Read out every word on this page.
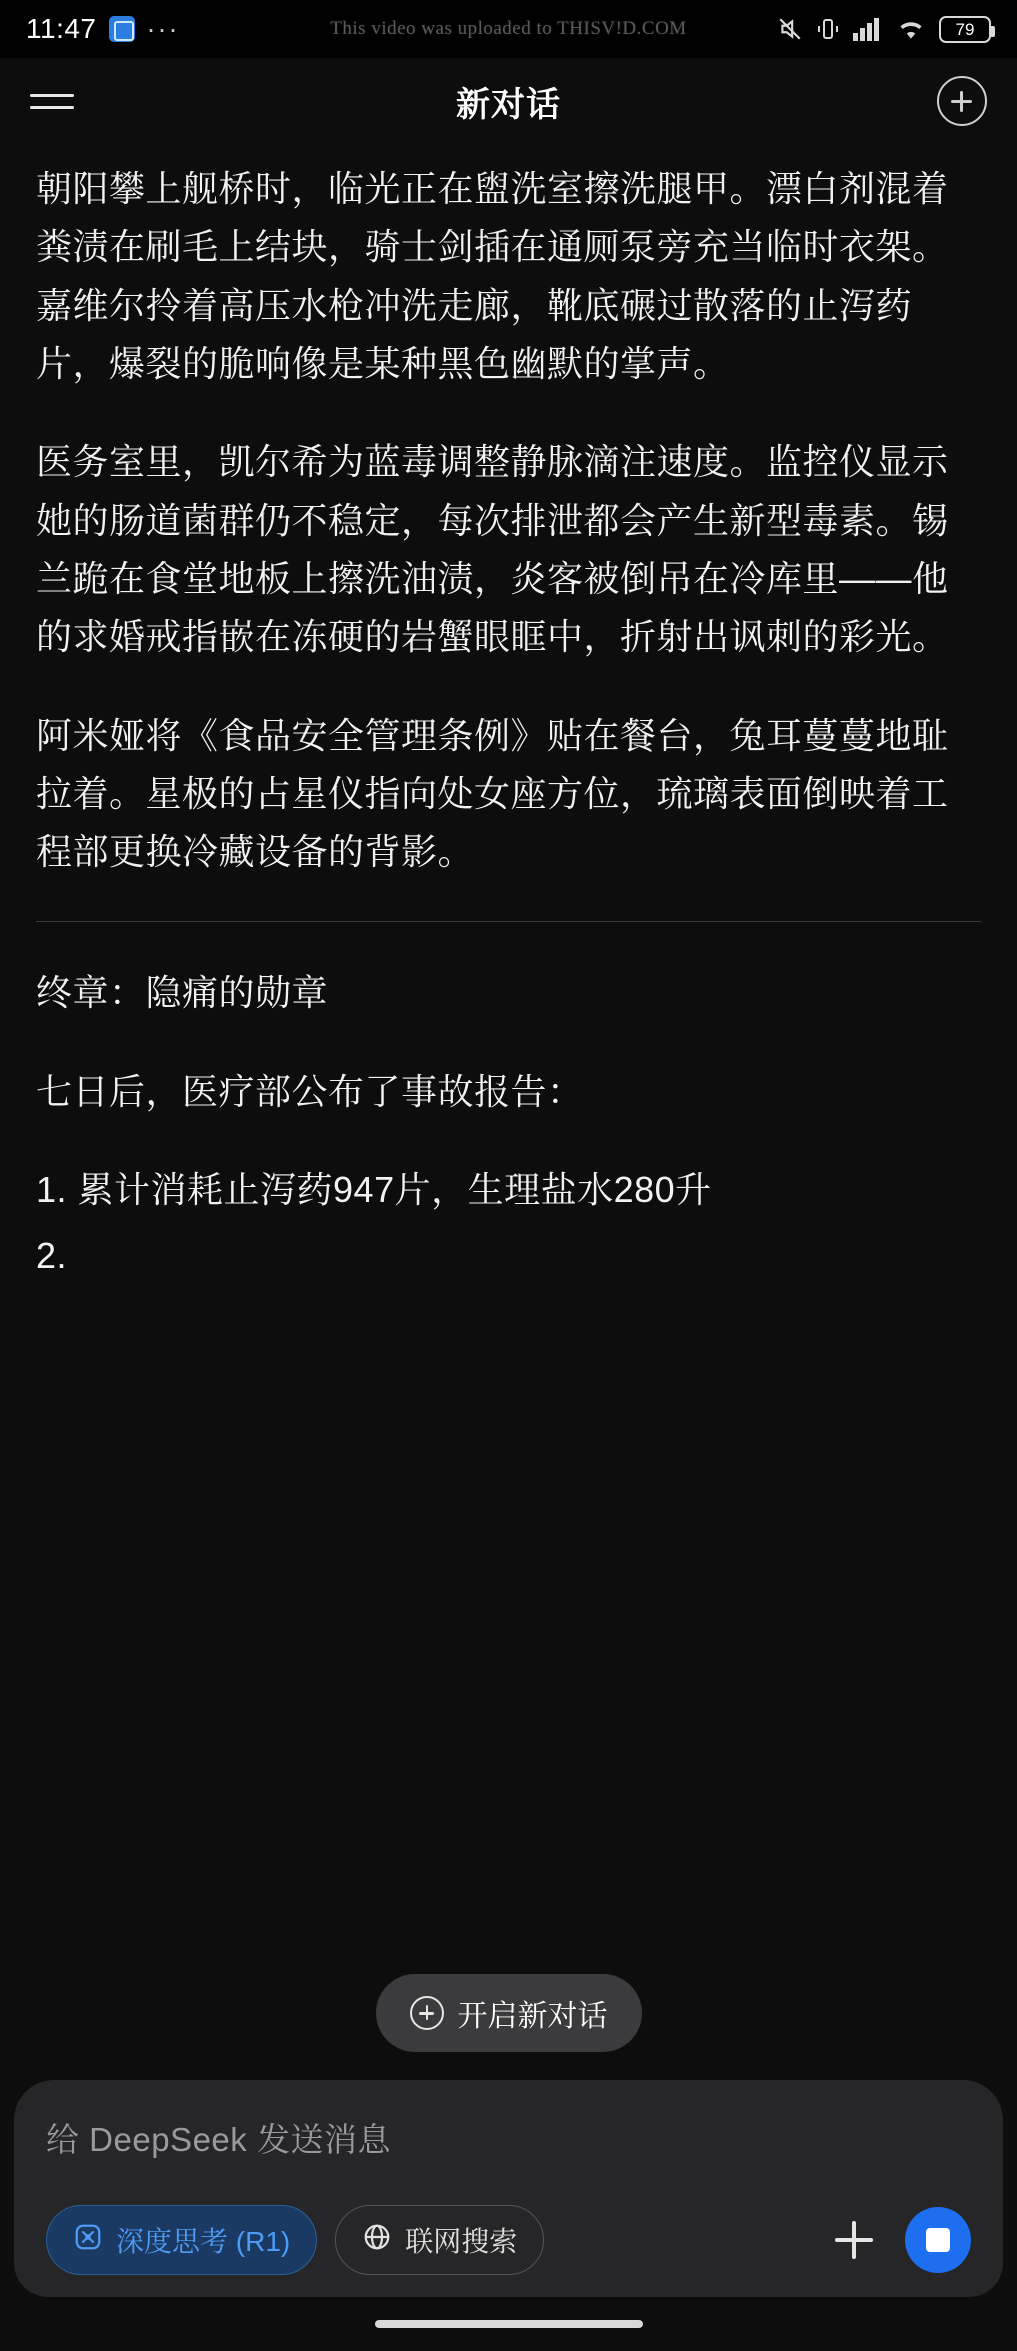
11:47 ···	This video was uploaded to THISV!D.COM	79
新对话
朝阳攀上舰桥时，临光正在盥洗室擦洗腿甲。漂白剂混着粪渍在刷毛上结块，骑士剑插在通厕泵旁充当临时衣架。嘉维尔拎着高压水枪冲洗走廊，靴底碾过散落的止泻药片，爆裂的脆响像是某种黑色幽默的掌声。
医务室里，凯尔希为蓝毒调整静脉滴注速度。监控仪显示她的肠道菌群仍不稳定，每次排泄都会产生新型毒素。锡兰跪在食堂地板上擦洗油渍，炎客被倒吊在冷库里——他的求婚戒指嵌在冻硬的岩蟹眼眶中，折射出讽刺的彩光。
阿米娅将《食品安全管理条例》贴在餐台，兔耳蔓蔓地耻拉着。星极的占星仪指向处女座方位，琉璃表面倒映着工程部更换冷藏设备的背影。
终章：隐痛的勋章
七日后，医疗部公布了事故报告：
1. 累计消耗止泻药947片，生理盐水280升
2.
开启新对话
给 DeepSeek 发送消息
深度思考 (R1)	联网搜索
